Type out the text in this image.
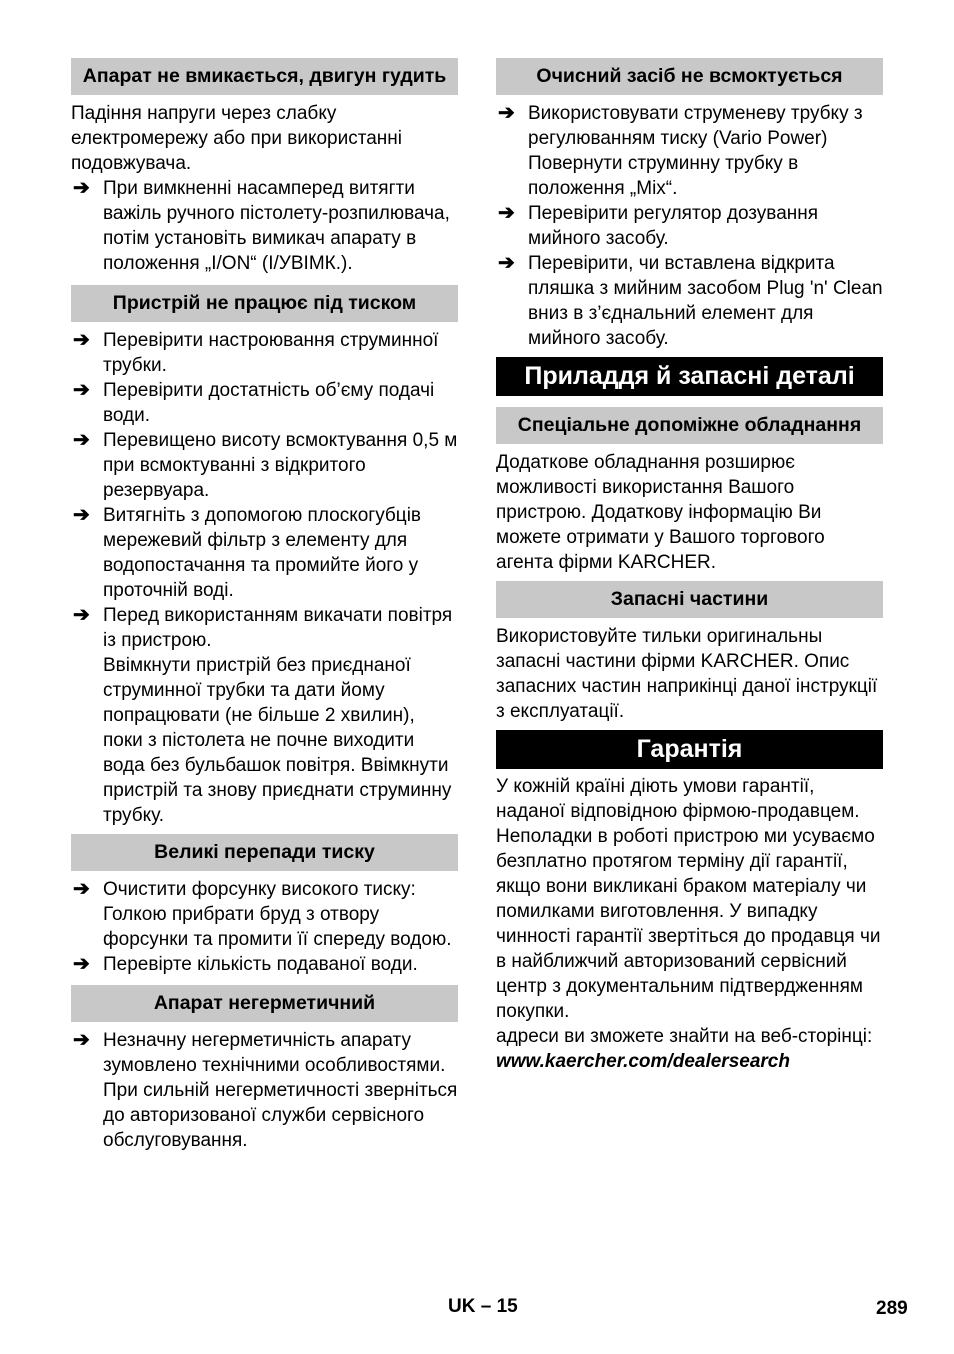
Апарат не вмикається, двигун гудить

Падіння напруги через слабку електромережу або при використанні подовжувача.

➔ При вимкненні насамперед витягти важіль ручного пістолету-розпилювача, потім установіть вимикач апарату в положення „I/ON“ (I/УВІМК.).
Пристрій не працює під тиском
➔ Перевірити настроювання струминної трубки.
➔ Перевірити достатність об’єму подачі води.
➔ Перевищено висоту всмоктування 0,5 м при всмоктуванні з відкритого резервуара.
➔ Витягніть з допомогою плоскогубців мережевий фільтр з елементу для водопостачання та промийте його у проточній воді.
➔ Перед використанням викачати повітря із пристрою.
Ввімкнути пристрій без приєднаної струминної трубки та дати йому попрацювати (не більше 2 хвилин), поки з пістолета не почне виходити вода без бульбашок повітря. Ввімкнути пристрій та знову приєднати струминну трубку.
Великі перепади тиску
➔ Очистити форсунку високого тиску: Голкою прибрати бруд з отвору форсунки та промити її спереду водою.
➔ Перевірте кількість подаваної води.
Апарат негерметичний
➔ Незначну негерметичність апарату зумовлено технічними особливостями. При сильній негерметичності зверніться до авторизованої служби сервісного обслуговування.
Очисний засіб не всмоктується
➔ Використовувати струменеву трубку з регулюванням тиску (Vario Power) Повернути струминну трубку в положення „Mix“.
➔ Перевірити регулятор дозування мийного засобу.
➔ Перевірити, чи вставлена відкрита пляшка з мийним засобом Plug 'n' Clean вниз в з’єднальний елемент для мийного засобу.
Приладдя й запасні деталі
Спеціальне допоміжне обладнання

Додаткове обладнання розширює можливості використання Вашого пристрою. Додаткову інформацію Ви можете отримати у Вашого торгового агента фірми KARCHER.

Запасні частини

Використовуйте тильки оригинальны запасні частини фірми KARCHER. Опис запасних частин наприкінці даної інструкції з експлуатації.

Гарантія

У кожній країні діють умови гарантії, наданої відповідною фірмою-продавцем. Неполадки в роботі пристрою ми усуваємо безплатно протягом терміну дії гарантії, якщо вони викликані браком матеріалу чи помилками виготовлення. У випадку чинності гарантії звертіться до продавця чи в найближчий авторизований сервісний центр з документальним підтвердженням покупки.

адреси ви зможете знайти на веб-сторінці:

www.kaercher.com/dealersearch

UK – 15	289
